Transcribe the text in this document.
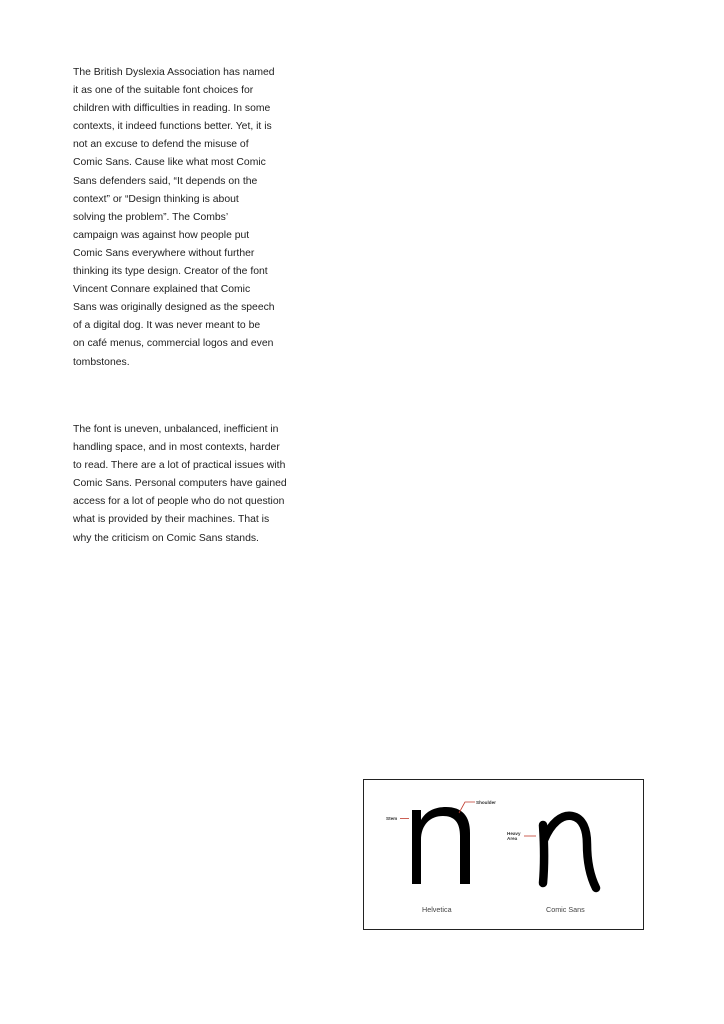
The British Dyslexia Association has named
it as one of the suitable font choices for
children with difficulties in reading. In some
contexts, it indeed functions better. Yet, it is
not an excuse to defend the misuse of
Comic Sans. Cause like what most Comic
Sans defenders said, “It depends on the
context” or “Design thinking is about
solving the problem”. The Combs’
campaign was against how people put
Comic Sans everywhere without further
thinking its type design. Creator of the font
Vincent Connare explained that Comic
Sans was originally designed as the speech
of a digital dog. It was never meant to be
on café menus, commercial logos and even
tombstones.
The font is uneven, unbalanced, inefficient in
handling space, and in most contexts, harder
to read. There are a lot of practical issues with
Comic Sans. Personal computers have gained
access for a lot of people who do not question
what is provided by their machines. That is
why the criticism on Comic Sans stands.
Stem
Shoulder
Heavy
Area
Helvetica	Comic Sans
